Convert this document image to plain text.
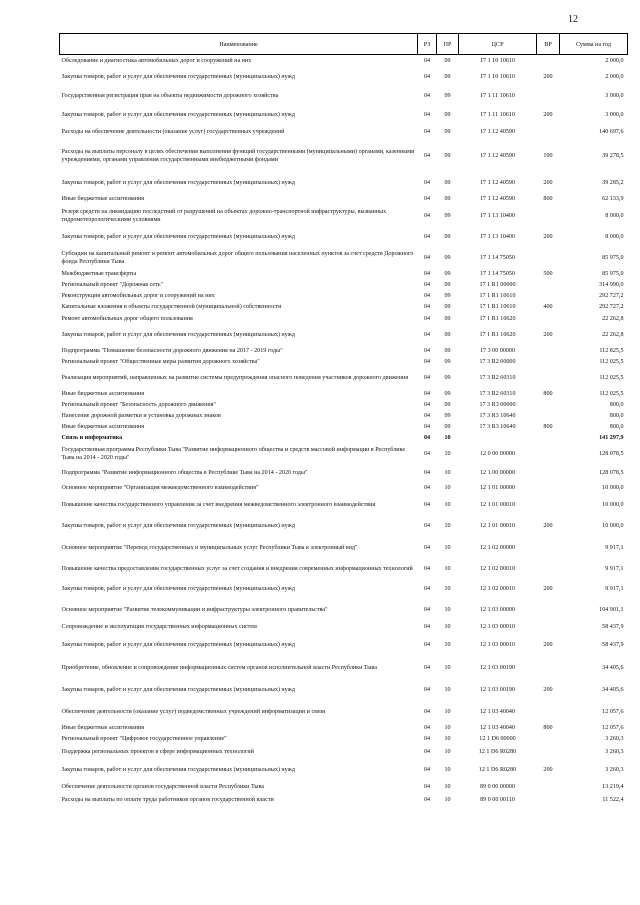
12
Наименование	РЗ	ПР	ЦСР	ВР	Сумма на год
Обследование и диагностика автомобильных дорог и сооружений на них	04	09	17 1 10 10610		2 000,0
Закупка товаров, работ и услуг для обеспечения государственных (муниципальных) нужд	04	09	17 1 10 10610	200	2 000,0
Государственная регистрация прав на объекты недвижимости дорожного хозяйства	04	09	17 1 11 10610		3 000,0
Закупка товаров, работ и услуг для обеспечения государственных (муниципальных) нужд	04	09	17 1 11 10610	200	3 000,0
Расходы на обеспечение деятельности (оказание услуг) государственных учреждений	04	09	17 1 12 40590		140 697,6
Расходы на выплаты персоналу в целях обеспечения выполнения функций государственными (муниципальными) органами, казенными учреждениями, органами управления государственными внебюджетными фондами	04	09	17 1 12 40590	100	39 278,5
Закупка товаров, работ и услуг для обеспечения государственных (муниципальных) нужд	04	09	17 1 12 40590	200	39 285,2
Иные бюджетные ассигнования	04	09	17 1 12 40590	800	62 133,9
Резерв средств на ликвидацию последствий от разрушений на объектах дорожно-транспортной инфраструктуры, вызванных гидрометеорологическими условиями	04	09	17 1 13 10400		8 000,0
Закупка товаров, работ и услуг для обеспечения государственных (муниципальных) нужд	04	09	17 1 13 10400	200	8 000,0
Субсидии на капитальный ремонт и ремонт автомобильных дорог общего пользования населенных пунктов за счет средств Дорожного фонда Республики Тыва	04	09	17 1 14 75050		85 975,0
Межбюджетные трансферты	04	09	17 1 14 75050	500	85 975,0
Региональный проект "Дорожная сеть"	04	09	17 1 R1 00000		314 990,0
Реконструкция автомобильных дорог и сооружений на них	04	09	17 1 R1 10610		292 727,2
Капитальные вложения в объекты государственной (муниципальной) собственности	04	09	17 1 R1 10610	400	292 727,2
Ремонт автомобильных дорог общего пользования	04	09	17 1 R1 10620		22 262,8
Закупка товаров, работ и услуг для обеспечения государственных (муниципальных) нужд	04	09	17 1 R1 10620	200	22 262,8
Подпрограмма "Повышение безопасности дорожного движения на 2017 - 2019 годы"	04	09	17 3 00 00000		112 825,5
Региональный проект "Общественные меры развития дорожного хозяйства"	04	09	17 3 R2 00000		112 025,5
Реализация мероприятий, направленных на развитие системы предупреждения опасного поведения участников дорожного движения	04	09	17 3 R2 60310		112 025,5
Иные бюджетные ассигнования	04	09	17 3 R2 60310	800	112 025,5
Региональный проект "Безопасность дорожного движения"	04	09	17 3 R3 00000		800,0
Нанесение дорожной разметки и установка дорожных знаков	04	09	17 3 R3 10640		800,0
Иные бюджетные ассигнования	04	09	17 3 R3 10640	800	800,0
Связь и информатика	04	10			141 297,9
Государственная программа Республики Тыва "Развитие информационного общества и средств массовой информации в Республике Тыва на 2014 - 2020 годы"	04	10	12 0 00 00000		128 078,5
Подпрограмма "Развитие информационного общества в Республике Тыва на 2014 - 2020 годы"	04	10	12 1 00 00000		128 078,5
Основное мероприятие "Организация межведомственного взаимодействия"	04	10	12 1 01 00000		10 000,0
Повышение качества государственного управления за счет внедрения межведомственного электронного взаимодействия	04	10	12 1 01 00010		10 000,0
Закупка товаров, работ и услуг для обеспечения государственных (муниципальных) нужд	04	10	12 1 01 00010	200	10 000,0
Основное мероприятие "Перевод государственных и муниципальных услуг Республики Тыва в электронный вид"	04	10	12 1 02 00000		9 917,1
Повышение качества предоставления государственных услуг за счет создания и внедрения современных информационных технологий	04	10	12 1 02 00010		9 917,1
Закупка товаров, работ и услуг для обеспечения государственных (муниципальных) нужд	04	10	12 1 02 00010	200	9 917,1
Основное мероприятие "Развитие телекоммуникации и инфраструктуры электронного правительства"	04	10	12 1 03 00000		104 901,1
Сопровождение и эксплуатация государственных информационных систем	04	10	12 1 03 00010		58 437,9
Закупка товаров, работ и услуг для обеспечения государственных (муниципальных) нужд	04	10	12 1 03 00010	200	58 437,9
Приобретение, обновление и сопровождение информационных систем органов исполнительной власти Республики Тыва	04	10	12 1 03 00190		34 405,6
Закупка товаров, работ и услуг для обеспечения государственных (муниципальных) нужд	04	10	12 1 03 00190	200	34 405,6
Обеспечение деятельности (оказание услуг) подведомственных учреждений информатизации и связи	04	10	12 1 03 40040		12 057,6
Иные бюджетные ассигнования	04	10	12 1 03 40040	800	12 057,6
Региональный проект "Цифровое государственное управление"	04	10	12 1 D6 00000		3 260,3
Поддержка региональных проектов в сфере информационных технологий	04	10	12 1 D6 R0280		3 260,3
Закупка товаров, работ и услуг для обеспечения государственных (муниципальных) нужд	04	10	12 1 D6 R0280	200	3 260,3
Обеспечение деятельности органов государственной власти Республики Тыва	04	10	89 0 00 00000		13 219,4
Расходы на выплаты по оплате труда работников органов государственной власти	04	10	89 0 00 00110		11 522,4
